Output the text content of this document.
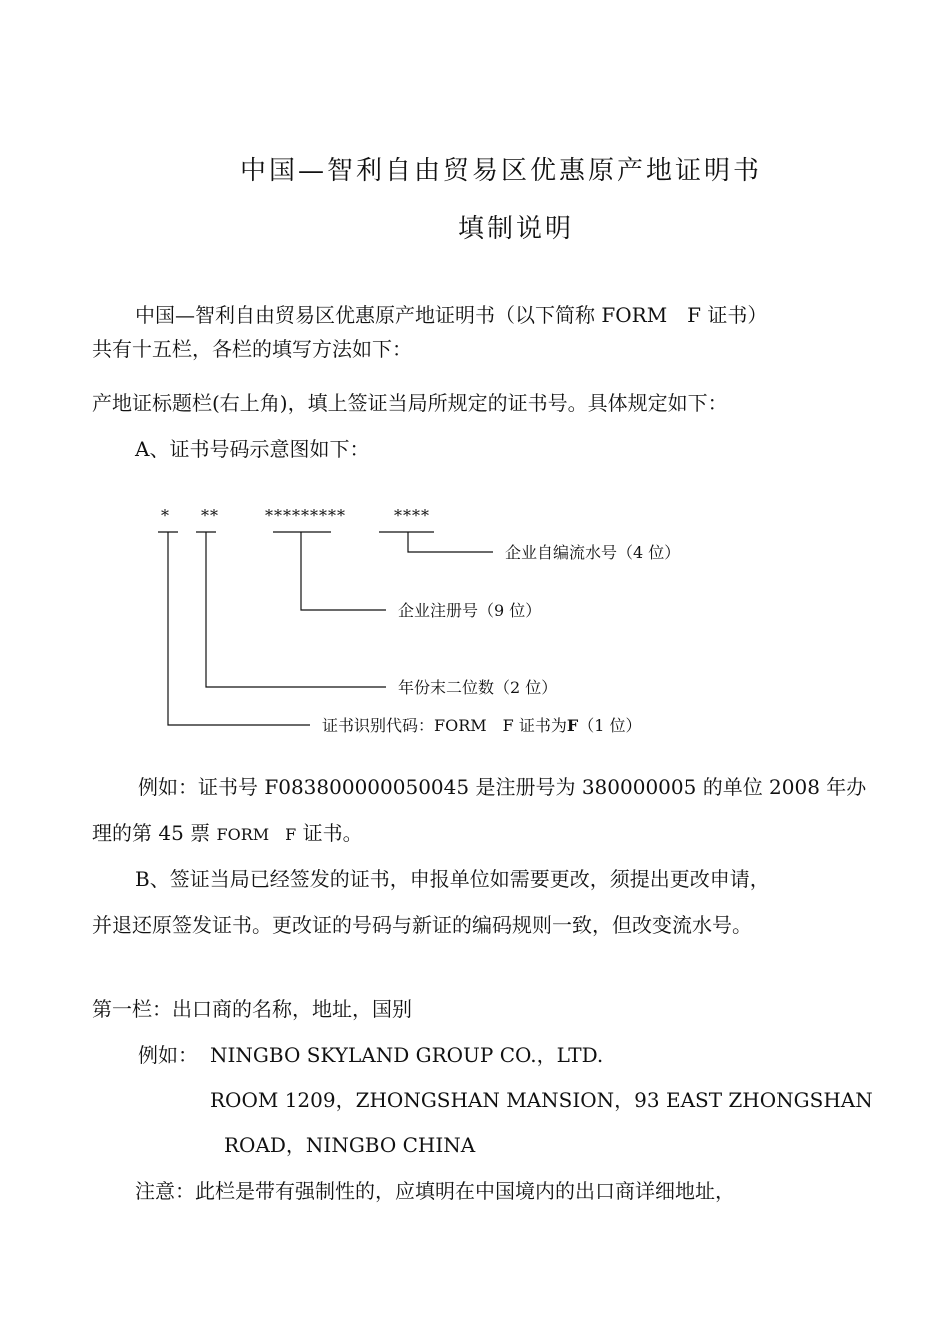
中国—智利自由贸易区优惠原产地证明书
填制说明
中国—智利自由贸易区优惠原产地证明书（以下简称 FORM　F 证书）
共有十五栏，各栏的填写方法如下：
产地证标题栏(右上角)，填上签证当局所规定的证书号。具体规定如下：
A、证书号码示意图如下：
* **	*********	****
企业自编流水号（4 位）
企业注册号（9 位）
年份末二位数（2 位）
证书识别代码：FORM　F 证书为F（1 位）
例如：证书号 F083800000050045 是注册号为 380000005 的单位 2008 年办
理的第 45 票 FORM　F 证书。
B、签证当局已经签发的证书，申报单位如需要更改，须提出更改申请，
并退还原签发证书。更改证的号码与新证的编码规则一致，但改变流水号。
第一栏：出口商的名称，地址，国别
例如： NINGBO SKYLAND GROUP CO.，LTD.
ROOM 1209，ZHONGSHAN MANSION，93 EAST ZHONGSHAN
ROAD，NINGBO CHINA
注意：此栏是带有强制性的，应填明在中国境内的出口商详细地址，
